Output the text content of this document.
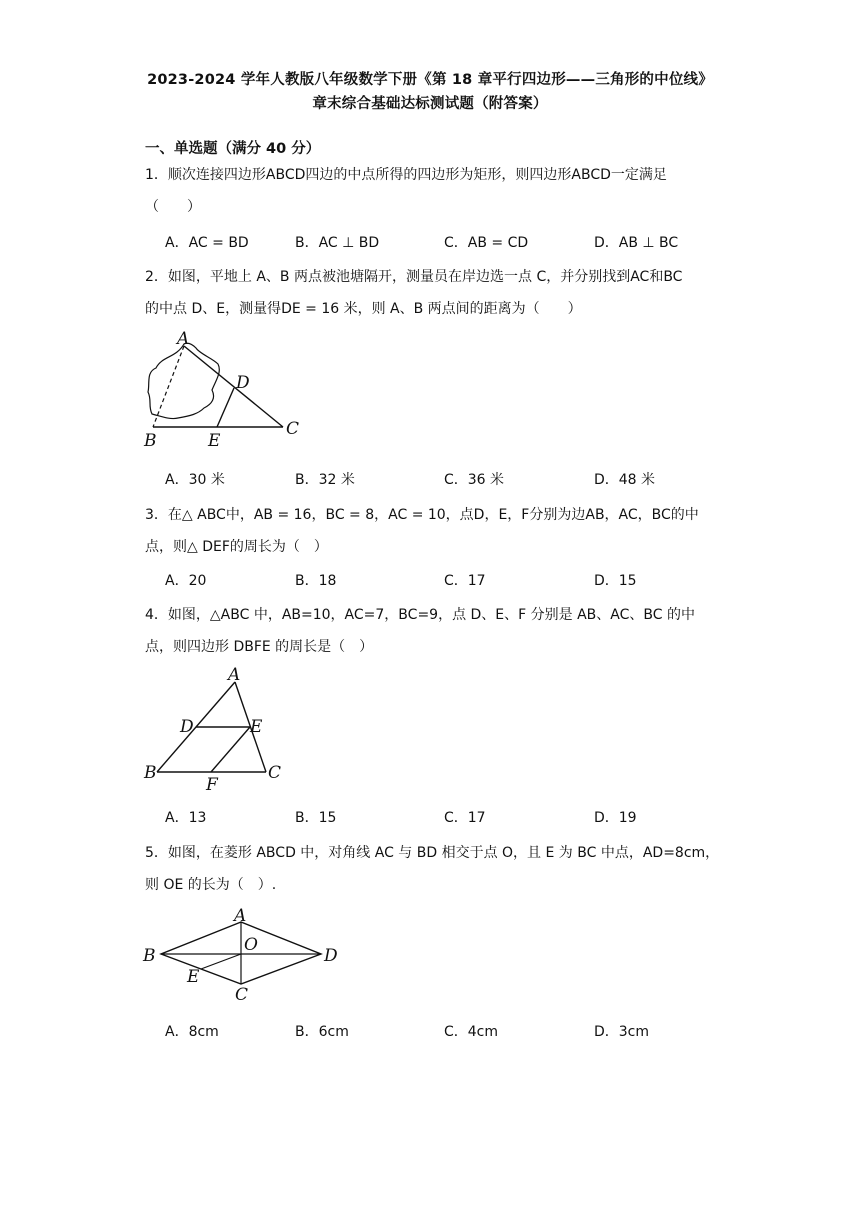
2023-2024 学年人教版八年级数学下册《第 18 章平行四边形——三角形的中位线》
章末综合基础达标测试题（附答案）
一、单选题（满分 40 分）
1．顺次连接四边形ABCD四边的中点所得的四边形为矩形，则四边形ABCD一定满足
（　　）
A．AC = BD	B．AC ⊥ BD	C．AB = CD	D．AB ⊥ BC
2．如图，平地上 A、B 两点被池塘隔开，测量员在岸边选一点 C，并分别找到AC和BC
的中点 D、E，测量得DE = 16 米，则 A、B 两点间的距离为（　　）
A
B
C
D
E
A．30 米	B．32 米	C．36 米	D．48 米
3．在△ ABC中，AB = 16，BC = 8，AC = 10，点D，E，F分别为边AB，AC，BC的中
点，则△ DEF的周长为（　）
A．20	B．18	C．17	D．15
4．如图，△ABC 中，AB=10，AC=7，BC=9，点 D、E、F 分别是 AB、AC、BC 的中
点，则四边形 DBFE 的周长是（　）
A
B	C
D	E
F
A．13	B．15	C．17	D．19
5．如图，在菱形 ABCD 中，对角线 AC 与 BD 相交于点 O，且 E 为 BC 中点，AD=8cm，
则 OE 的长为（　）.
A
B
C
D
O
E
A．8cm	B．6cm	C．4cm	D．3cm
